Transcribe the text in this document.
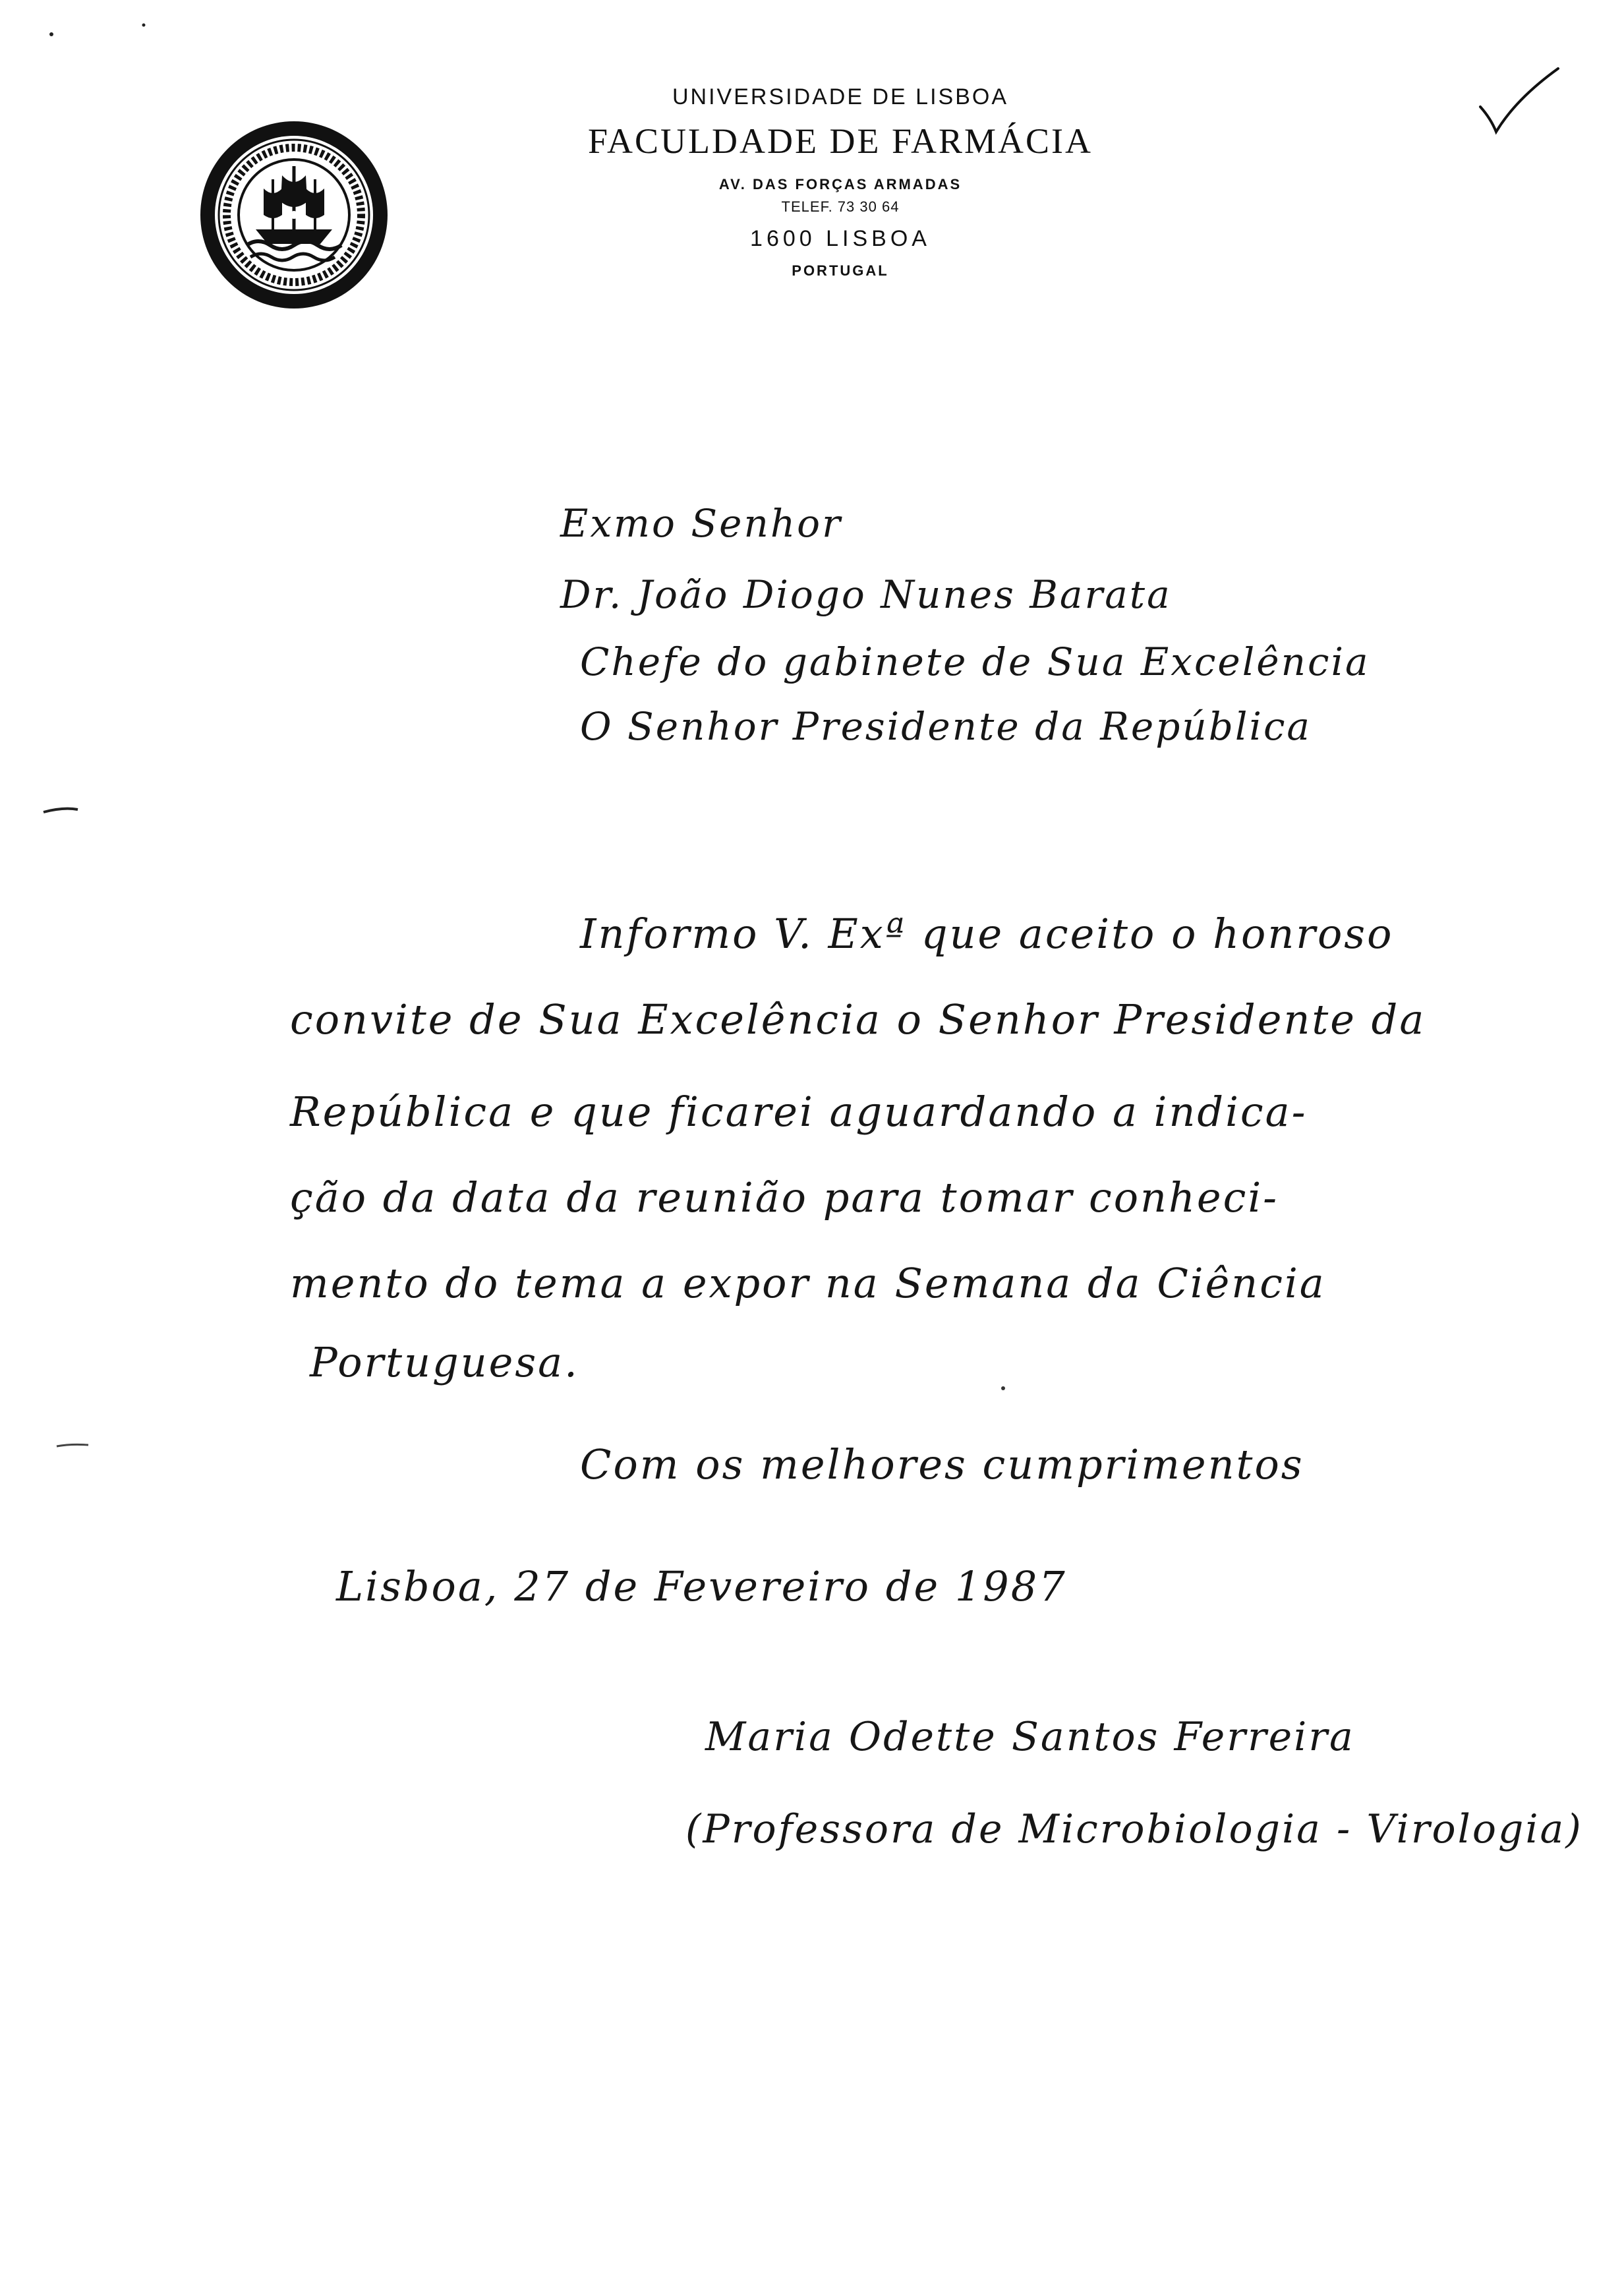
UNIVERSIDADE DE LISBOA

FACULDADE DE FARMÁCIA

AV. DAS FORÇAS ARMADAS

TELEF. 73 30 64

1600 LISBOA

PORTUGAL

Exmo Senhor

Dr. João Diogo Nunes Barata

Chefe do gabinete de Sua Excelência

O Senhor Presidente da República

Informo V. Exª que aceito o honroso

convite de Sua Excelência o Senhor Presidente da

República e que ficarei aguardando a indica-

ção da data da reunião para tomar conheci-

mento do tema a expor na Semana da Ciência

Portuguesa.

Com os melhores cumprimentos

Lisboa, 27 de Fevereiro de 1987

Maria Odette Santos Ferreira

(Professora de Microbiologia - Virologia)
